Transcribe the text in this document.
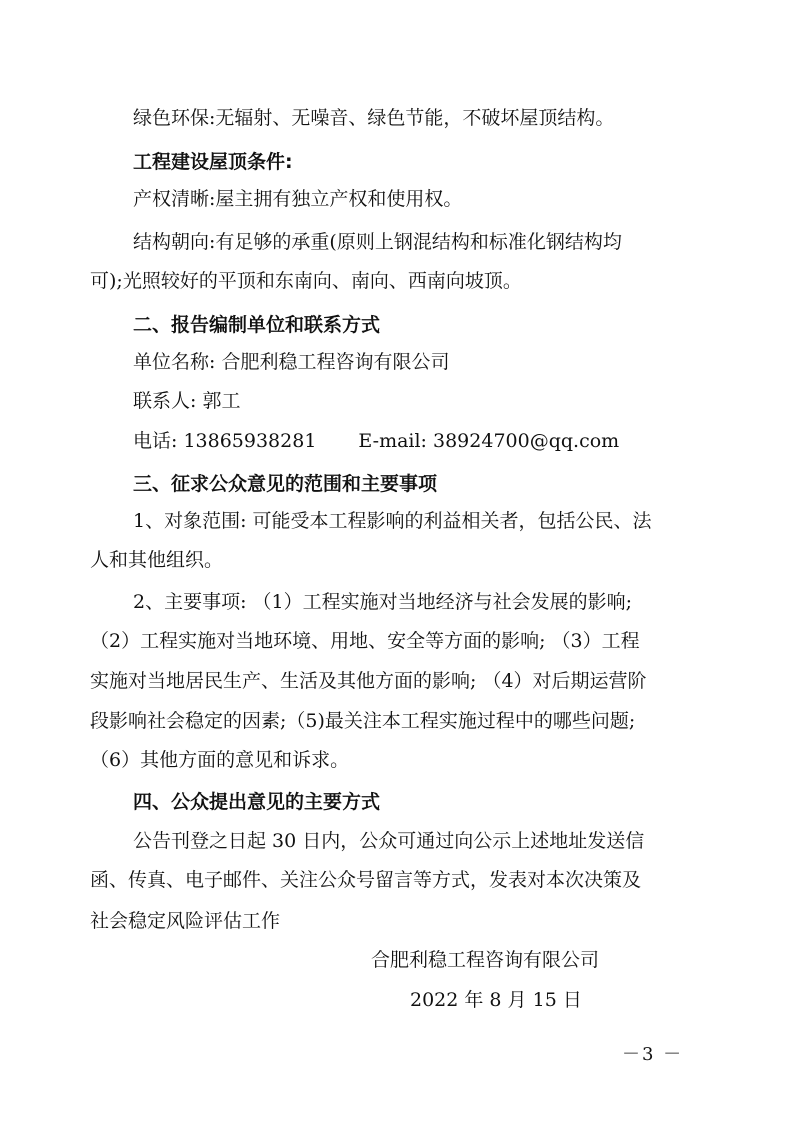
绿色环保:无辐射、无噪音、绿色节能，不破坏屋顶结构。
工程建设屋顶条件:
产权清晰:屋主拥有独立产权和使用权。
结构朝向:有足够的承重(原则上钢混结构和标准化钢结构均
可);光照较好的平顶和东南向、南向、西南向坡顶。
二、报告编制单位和联系方式
单位名称: 合肥利稳工程咨询有限公司
联系人: 郭工
电话: 13865938281 E-mail: 38924700@qq.com
三、征求公众意见的范围和主要事项
1、对象范围: 可能受本工程影响的利益相关者，包括公民、法
人和其他组织。
2、主要事项: （1）工程实施对当地经济与社会发展的影响;
（2）工程实施对当地环境、用地、安全等方面的影响; （3）工程
实施对当地居民生产、生活及其他方面的影响; （4）对后期运营阶
段影响社会稳定的因素;（5)最关注本工程实施过程中的哪些问题;
（6）其他方面的意见和诉求。
四、公众提出意见的主要方式
公告刊登之日起 30 日内，公众可通过向公示上述地址发送信
函、传真、电子邮件、关注公众号留言等方式，发表对本次决策及
社会稳定风险评估工作
合肥利稳工程咨询有限公司
2022 年 8 月 15 日
－3 －
